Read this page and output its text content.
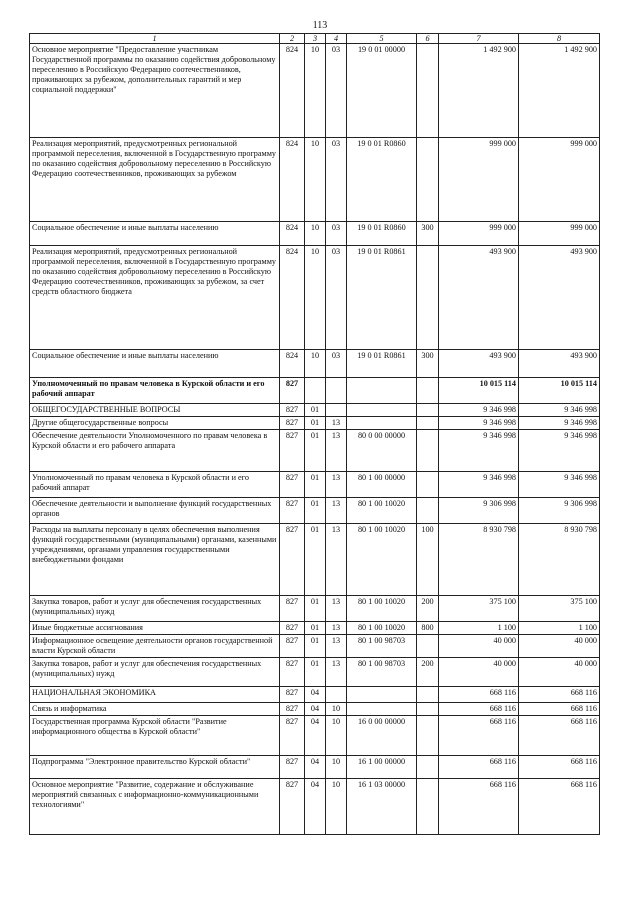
113
1	2	3	4	5	6	7	8
Основное мероприятие "Предоставление участникам Государственной программы по оказанию содействия добровольному переселению в Российскую Федерацию соотечественников, проживающих за рубежом, дополнительных гарантий и мер социальной поддержки"	824	10	03	19 0 01 00000		1 492 900	1 492 900
Реализация мероприятий, предусмотренных региональной программой переселения, включенной в Государственную программу по оказанию содействия добровольному переселению в Российскую Федерацию соотечественников, проживающих за рубежом	824	10	03	19 0 01 R0860		999 000	999 000
Социальное обеспечение и иные выплаты населению	824	10	03	19 0 01 R0860	300	999 000	999 000
Реализация мероприятий, предусмотренных региональной программой переселения, включенной в Государственную программу по оказанию содействия добровольному переселению в Российскую Федерацию соотечественников, проживающих за рубежом, за счет средств областного бюджета	824	10	03	19 0 01 R0861		493 900	493 900
Социальное обеспечение и иные выплаты населению	824	10	03	19 0 01 R0861	300	493 900	493 900
Уполномоченный по правам человека в Курской области и его рабочий аппарат	827					10 015 114	10 015 114
ОБЩЕГОСУДАРСТВЕННЫЕ ВОПРОСЫ	827	01				9 346 998	9 346 998
Другие общегосударственные вопросы	827	01	13			9 346 998	9 346 998
Обеспечение деятельности Уполномоченного по правам человека в Курской области и его рабочего аппарата	827	01	13	80 0 00 00000		9 346 998	9 346 998
Уполномоченный по правам человека в Курской области и его рабочий аппарат	827	01	13	80 1 00 00000		9 346 998	9 346 998
Обеспечение деятельности и выполнение функций государственных органов	827	01	13	80 1 00 10020		9 306 998	9 306 998
Расходы на выплаты персоналу в целях обеспечения выполнения функций государственными (муниципальными) органами, казенными учреждениями, органами управления государственными внебюджетными фондами	827	01	13	80 1 00 10020	100	8 930 798	8 930 798
Закупка товаров, работ и услуг для обеспечения государственных (муниципальных) нужд	827	01	13	80 1 00 10020	200	375 100	375 100
Иные бюджетные ассигнования	827	01	13	80 1 00 10020	800	1 100	1 100
Информационное освещение деятельности органов государственной власти Курской области	827	01	13	80 1 00 98703		40 000	40 000
Закупка товаров, работ и услуг для обеспечения государственных (муниципальных) нужд	827	01	13	80 1 00 98703	200	40 000	40 000
НАЦИОНАЛЬНАЯ ЭКОНОМИКА	827	04				668 116	668 116
Связь и информатика	827	04	10			668 116	668 116
Государственная программа Курской области "Развитие информационного общества в Курской области"	827	04	10	16 0 00 00000		668 116	668 116
Подпрограмма "Электронное правительство Курской области"	827	04	10	16 1 00 00000		668 116	668 116
Основное мероприятие "Развитие, содержание и обслуживание мероприятий связанных с информационно-коммуникационными технологиями"	827	04	10	16 1 03 00000		668 116	668 116
